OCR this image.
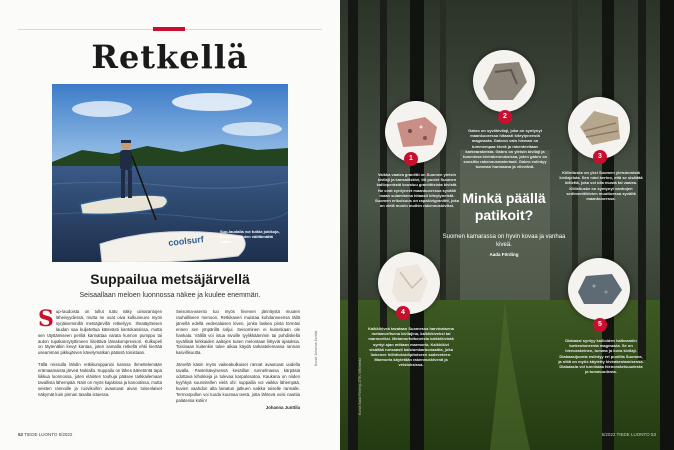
Retkellä
coolsurf
Sup-laudalla voi tutkia jokikoja, joihin ei muuten välttämättä pääse.
Suppailua metsäjärvellä
Seisaallaan meloen luonnossa näkee ja kuulee enemmän.
Sup-laudoista on tullut tuttu näky uimarantojen läheisyydessä, mutta ne ovat oiva kulkuneuvo myös syrjäisemmillä metsäjärvillä retkeilyyn. Ilmatäytteisen laudan saa kuljetettua kätevästi kantokassissa, mutta sen täyttämiseen periliä kannattaa varata kunnon pumppu tai auton tupakansytyttimeen liitettävä lämakompressori. Kulkupeli on täytenäkin kevyt kantaa, joten samalla retkellä ehtii kiertää useamman pikkujärven kävelymatkan päässä toisistaan.

Tällä reissulla lähdin retkikumppanini kanssa ihmettelemään erämaamaista järveä Nokialla. Suppailu on lähes äänetöntä tapa liikkua luonnossa, joten eläinten touhuja pääsee tarkkailemaan tavallista lähempää. Näin on myös kajakissa ja kanootissa, mutta seisten rannoille ja ruovikoihin avautuvat aivan toisenlaiset näkymät kuin pinnan tasalta istuessa.
Seisoma-asento tuo myös hivenen jännitystä muuten rauhalliseen menoon. Retkikaveri muistaa kohdanneensa tällä järvellä edellä vedenalaisen kiven, jonka laskea pinta törmäsi ennen sen ympärillä soljui. Seisominen ei kuitenkaan ole hankala. Välillä voi istua sivuille tyylikkäämmin tai pohdiskella syvällisiä kirkkaiden aaltojen kuten melontaan liittyviä ajatuksia. Toisinaan kuitenkin tulee aikaa käydä tarkastelemassa rannan kasvillisuutta.

Järvellä käsin myös vaikeakulkuiset rannat avautuvat uudella tavalla. Pastelsävyisessä kesäillan tunnelmassa kärpäsiä odottava kihokkeja ja tulevaa karpalosatoa. Kaukana on niiden kyyhkyä suunnitellen vielä ohi: suppailla voi vaikka lähempää, kuvien vaahdon alta lainatun jatkuen vaikka toiselle rannalle. Termospullon voi tuoda kuumaa teetä, jotta lähtevä voisi nauttia palatessa kotiin!
Johanna Junttila
Kuvat: Johanna Junttila
52 TIEDE LUONTO 5/2022
1
Vaikka vaalea graniitti on Suomen yleisin kivilaji ja kansalliskivi, tiit puolet Suomen kallioperästä koostuu graniittisista kivistä. Ne ovat syntyneet maankuoressa syvällä maan sulamisena hitaasti kiteytyneistä. Suomen erikoisuus on rapakivigraniitti, joka on vielä monin muihin rakennuskiviksi.
2
Gabro on syväkivilaji, joka on syntynyt maankuoressa hitaasti kiteytyneestä magmasta. Gabron vain hieman on tummempaa kiveä ja rakenteeltaan karkearakeista. Gabro on yleisin kivilaji ja tummissa kivirakennuksissa, joten gabro on suosittu rakennusmateriaali. Gabro esiintyy tumman harmaana ja vihreänä.
3
Kiilleliuske on yksi Suomen yleisimmistä kivilajeista. Sen nimi kertoo, että se sisältää kiillettä, joka voi olla musta tai vaalea. Kiilleliuske on syntynyt vanhojen sedimenttikivien muuttuessa syvällä maankuoressa.
Minkä päällä patikoit?
Suomen kamarassa on hyvin kovaa ja vanhaa kiveä.
Aada Förding
4
Kalkkikiveä tavataan Suomessa harvinaisena metamorfisena kivilajina, kalkkikiveksi tai marmoriksi. Metamorfoituneista kalkkikivistä syntyi ajan mittaan marmoria. Kalkkikivi sisältää runsaasti kalsiumkarbonaattia, joka liukenee hiilidioksidipitoiseen sadeveteen. Marmoria käytetään rakennuskivenä ja veistoksissa.
5
Diabaasi syntyy kallioiden halkeamiin tunkeutuneesta magmasta. Se on hienorakeinen, tumma ja kova kivilaji. Diabaasijuonia esiintyy eri puolilla Suomea, ja niitä on myös käytetty kivirakentamisessa. Diabaasia voi tunnistaa hienorakeisuudesta ja tummuudesta.
Kuvat: Aada Förding, GTK, Wikimedia
5/2022 TIEDE LUONTO 53
